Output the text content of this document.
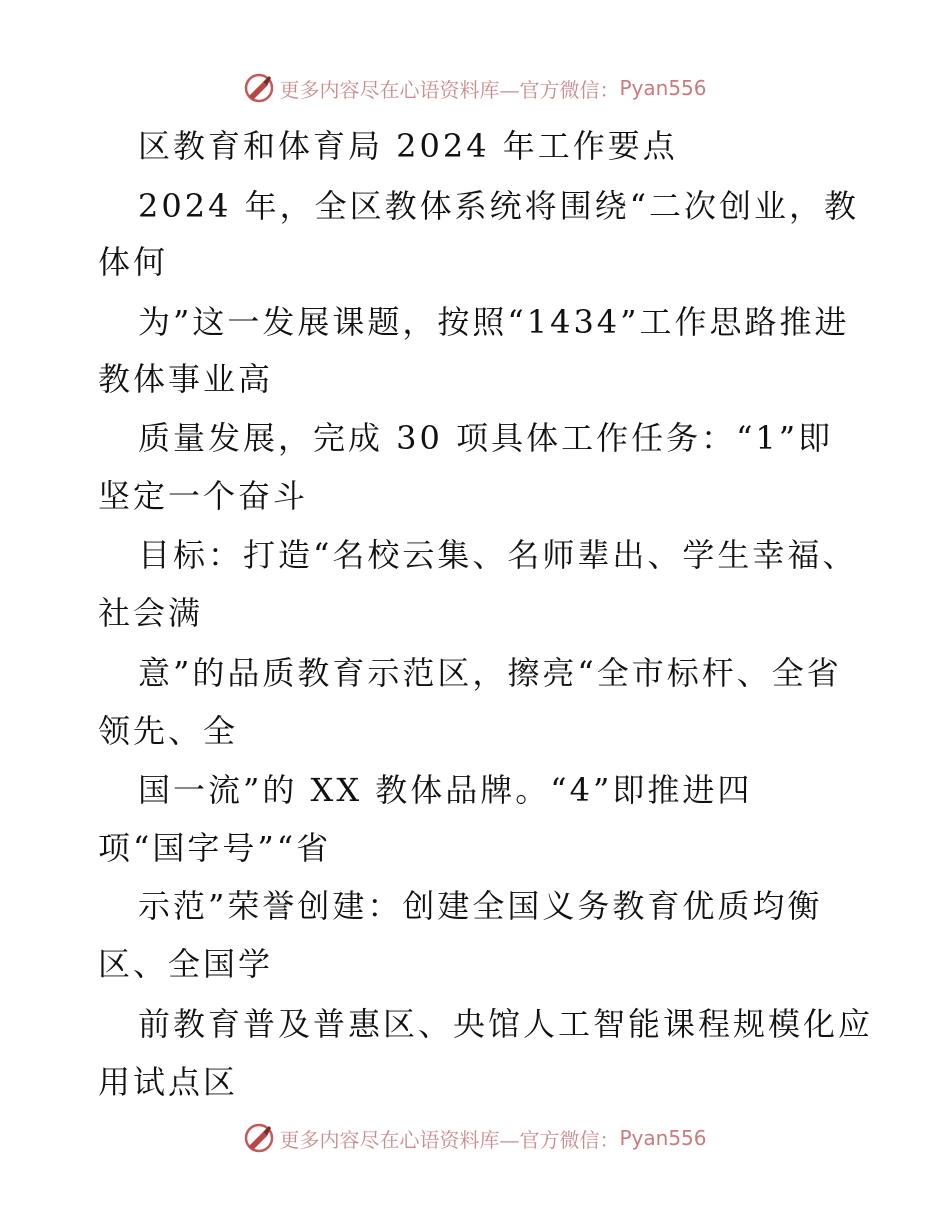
更多内容尽在心语资料库—官方微信： Pyan556
区教育和体育局 2024 年工作要点
2024 年，全区教体系统将围绕“二次创业，教
体何
为”这一发展课题，按照“1434”工作思路推进
教体事业高
质量发展，完成 30 项具体工作任务：“1”即
坚定一个奋斗
目标：打造“名校云集、名师辈出、学生幸福、
社会满
意”的品质教育示范区，擦亮“全市标杆、全省
领先、全
国一流”的 XX 教体品牌。“4”即推进四
项“国字号”“省
示范”荣誉创建：创建全国义务教育优质均衡
区、全国学
前教育普及普惠区、央馆人工智能课程规模化应
用试点区
更多内容尽在心语资料库—官方微信： Pyan556
